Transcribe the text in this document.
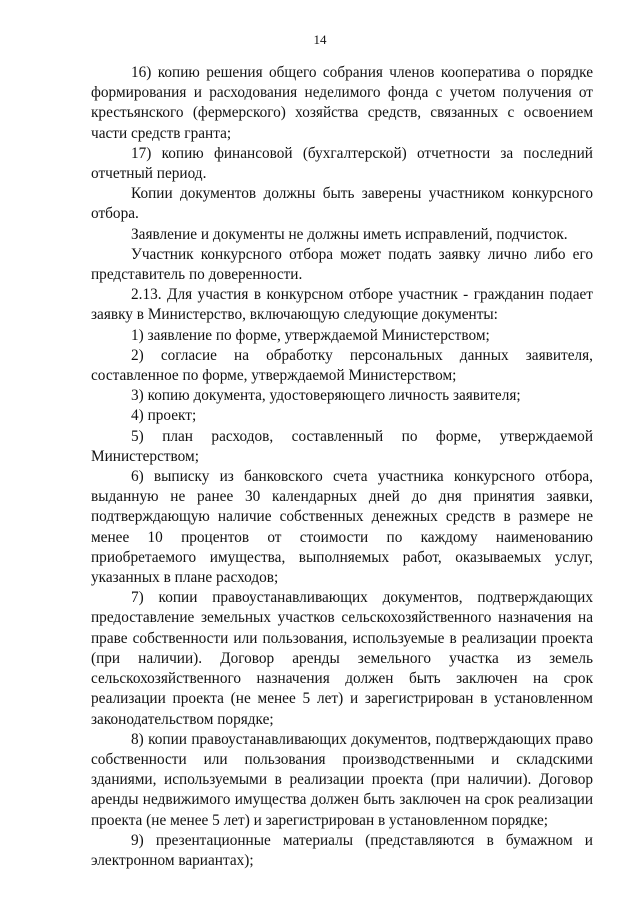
14

16) копию решения общего собрания членов кооператива о порядке формирования и расходования неделимого фонда с учетом получения от крестьянского (фермерского) хозяйства средств, связанных с освоением части средств гранта;

17) копию финансовой (бухгалтерской) отчетности за последний отчетный период.

Копии документов должны быть заверены участником конкурсного отбора.

Заявление и документы не должны иметь исправлений, подчисток.

Участник конкурсного отбора может подать заявку лично либо его представитель по доверенности.

2.13. Для участия в конкурсном отборе участник - гражданин подает заявку в Министерство, включающую следующие документы:

1) заявление по форме, утверждаемой Министерством;

2) согласие на обработку персональных данных заявителя, составленное по форме, утверждаемой Министерством;

3) копию документа, удостоверяющего личность заявителя;

4) проект;

5) план расходов, составленный по форме, утверждаемой Министерством;

6) выписку из банковского счета участника конкурсного отбора, выданную не ранее 30 календарных дней до дня принятия заявки, подтверждающую наличие собственных денежных средств в размере не менее 10 процентов от стоимости по каждому наименованию приобретаемого имущества, выполняемых работ, оказываемых услуг, указанных в плане расходов;

7) копии правоустанавливающих документов, подтверждающих предоставление земельных участков сельскохозяйственного назначения на праве собственности или пользования, используемые в реализации проекта (при наличии). Договор аренды земельного участка из земель сельскохозяйственного назначения должен быть заключен на срок реализации проекта (не менее 5 лет) и зарегистрирован в установленном законодательством порядке;

8) копии правоустанавливающих документов, подтверждающих право собственности или пользования производственными и складскими зданиями, используемыми в реализации проекта (при наличии). Договор аренды недвижимого имущества должен быть заключен на срок реализации проекта (не менее 5 лет) и зарегистрирован в установленном порядке;

9) презентационные материалы (представляются в бумажном и электронном вариантах);
